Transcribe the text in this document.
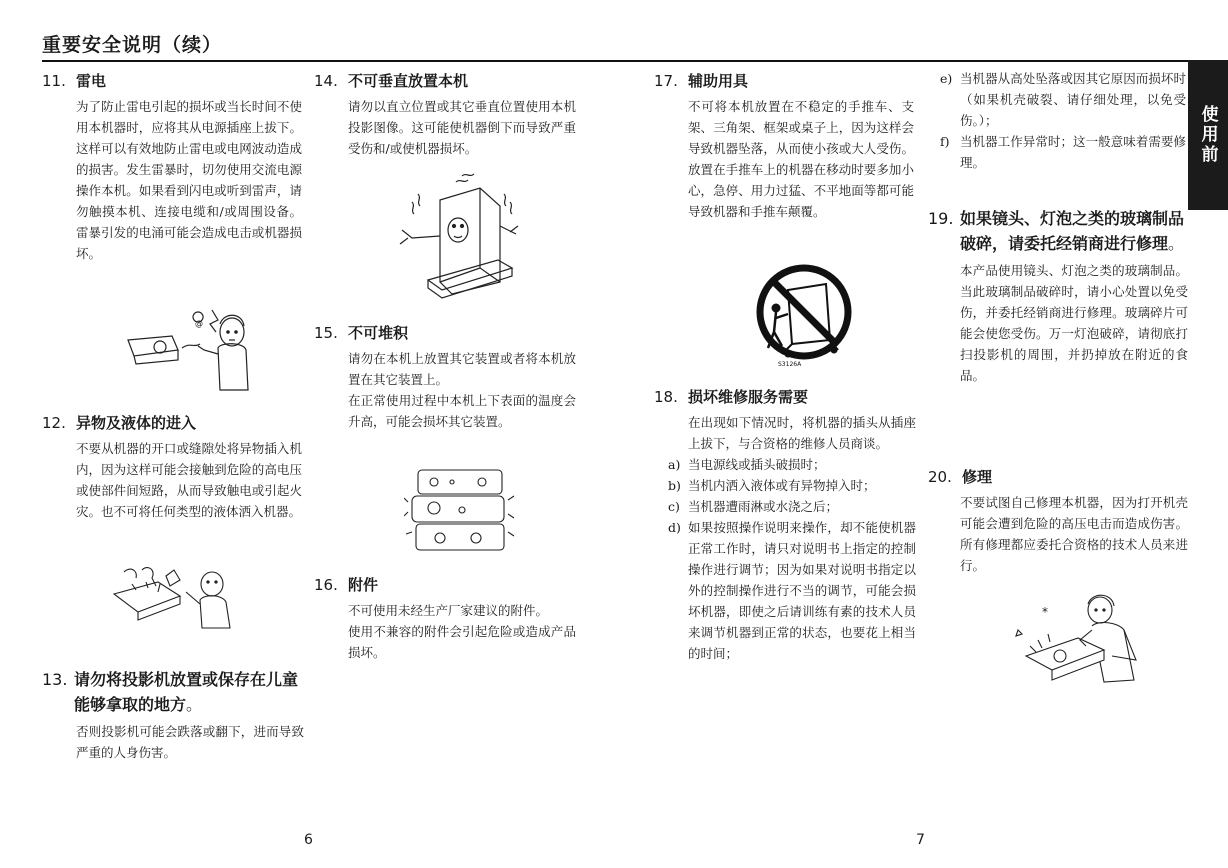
重要安全说明（续）
使用前
11. 雷电

为了防止雷电引起的损坏或当长时间不使用本机器时，应将其从电源插座上拔下。这样可以有效地防止雷电或电网波动造成的损害。发生雷暴时，切勿使用交流电源操作本机。如果看到闪电或听到雷声，请勿触摸本机、连接电缆和/或周围设备。雷暴引发的电涌可能会造成电击或机器损坏。

@
12. 异物及液体的进入

不要从机器的开口或缝隙处将异物插入机内，因为这样可能会接触到危险的高电压或使部件间短路，从而导致触电或引起火灾。也不可将任何类型的液体洒入机器。

13. 请勿将投影机放置或保存在儿童能够拿取的地方。

否则投影机可能会跌落或翻下，进而导致严重的人身伤害。

14. 不可垂直放置本机

请勿以直立位置或其它垂直位置使用本机投影图像。这可能使机器倒下而导致严重受伤和/或使机器损坏。

15. 不可堆积

请勿在本机上放置其它装置或者将本机放置在其它装置上。

在正常使用过程中本机上下表面的温度会升高，可能会损坏其它装置。

16. 附件

不可使用未经生产厂家建议的附件。

使用不兼容的附件会引起危险或造成产品损坏。

17. 辅助用具

不可将本机放置在不稳定的手推车、支架、三角架、框架或桌子上，因为这样会导致机器坠落，从而使小孩或大人受伤。放置在手推车上的机器在移动时要多加小心，急停、用力过猛、不平地面等都可能导致机器和手推车颠覆。

S3126A
18. 损坏维修服务需要

在出现如下情况时，将机器的插头从插座上拔下，与合资格的维修人员商谈。

a) 当电源线或插头破损时；
b) 当机内洒入液体或有异物掉入时；
c) 当机器遭雨淋或水浇之后；
d) 如果按照操作说明来操作，却不能使机器正常工作时，请只对说明书上指定的控制操作进行调节；因为如果对说明书指定以外的控制操作进行不当的调节，可能会损坏机器，即使之后请训练有素的技术人员来调节机器到正常的状态，也要花上相当的时间；
e) 当机器从高处坠落或因其它原因而损坏时（如果机壳破裂、请仔细处理，以免受伤。）；
f) 当机器工作异常时；这一般意味着需要修理。
19. 如果镜头、灯泡之类的玻璃制品破碎，请委托经销商进行修理。

本产品使用镜头、灯泡之类的玻璃制品。当此玻璃制品破碎时，请小心处置以免受伤，并委托经销商进行修理。玻璃碎片可能会使您受伤。万一灯泡破碎，请彻底打扫投影机的周围，并扔掉放在附近的食品。

20. 修理

不要试图自己修理本机器，因为打开机壳可能会遭到危险的高压电击而造成伤害。所有修理都应委托合资格的技术人员来进行。

*
6	7
